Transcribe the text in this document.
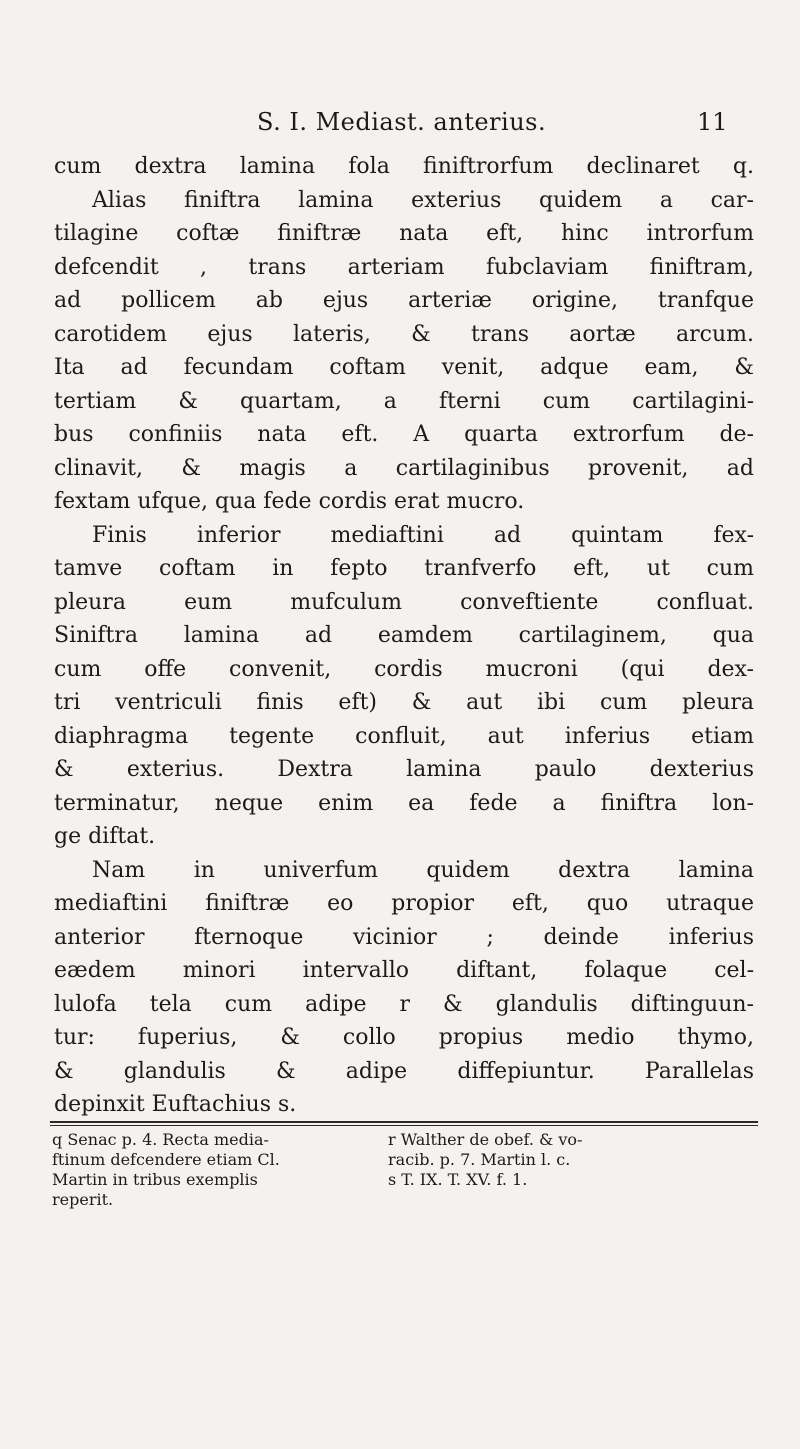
S. I. Mediast. anterius.	11
cum dextra lamina fola finiftrorfum declinaret q.
Alias finiftra lamina exterius quidem a car-
tilagine coftæ finiftræ nata eft, hinc introrfum
defcendit , trans arteriam fubclaviam finiftram,
ad pollicem ab ejus arteriæ origine, tranfque
carotidem ejus lateris, & trans aortæ arcum.
Ita ad fecundam coftam venit, adque eam, &
tertiam & quartam, a fterni cum cartilagini-
bus confiniis nata eft. A quarta extrorfum de-
clinavit, & magis a cartilaginibus provenit, ad
fextam ufque, qua fede cordis erat mucro.
Finis inferior mediaftini ad quintam fex-
tamve coftam in fepto tranfverfo eft, ut cum
pleura eum mufculum conveftiente confluat.
Siniftra lamina ad eamdem cartilaginem, qua
cum offe convenit, cordis mucroni (qui dex-
tri ventriculi finis eft) & aut ibi cum pleura
diaphragma tegente confluit, aut inferius etiam
& exterius. Dextra lamina paulo dexterius
terminatur, neque enim ea fede a finiftra lon-
ge diftat.
Nam in univerfum quidem dextra lamina
mediaftini finiftræ eo propior eft, quo utraque
anterior fternoque vicinior ; deinde inferius
eædem minori intervallo diftant, folaque cel-
lulofa tela cum adipe r & glandulis diftinguun-
tur: fuperius, & collo propius medio thymo,
& glandulis & adipe diffepiuntur. Parallelas
depinxit Euftachius s.
q Senac p. 4. Recta media-	r Walther de obef. & vo-
ftinum defcendere etiam Cl.	racib. p. 7. Martin l. c.
Martin in tribus exemplis	s T. IX. T. XV. f. 1.
reperit.
